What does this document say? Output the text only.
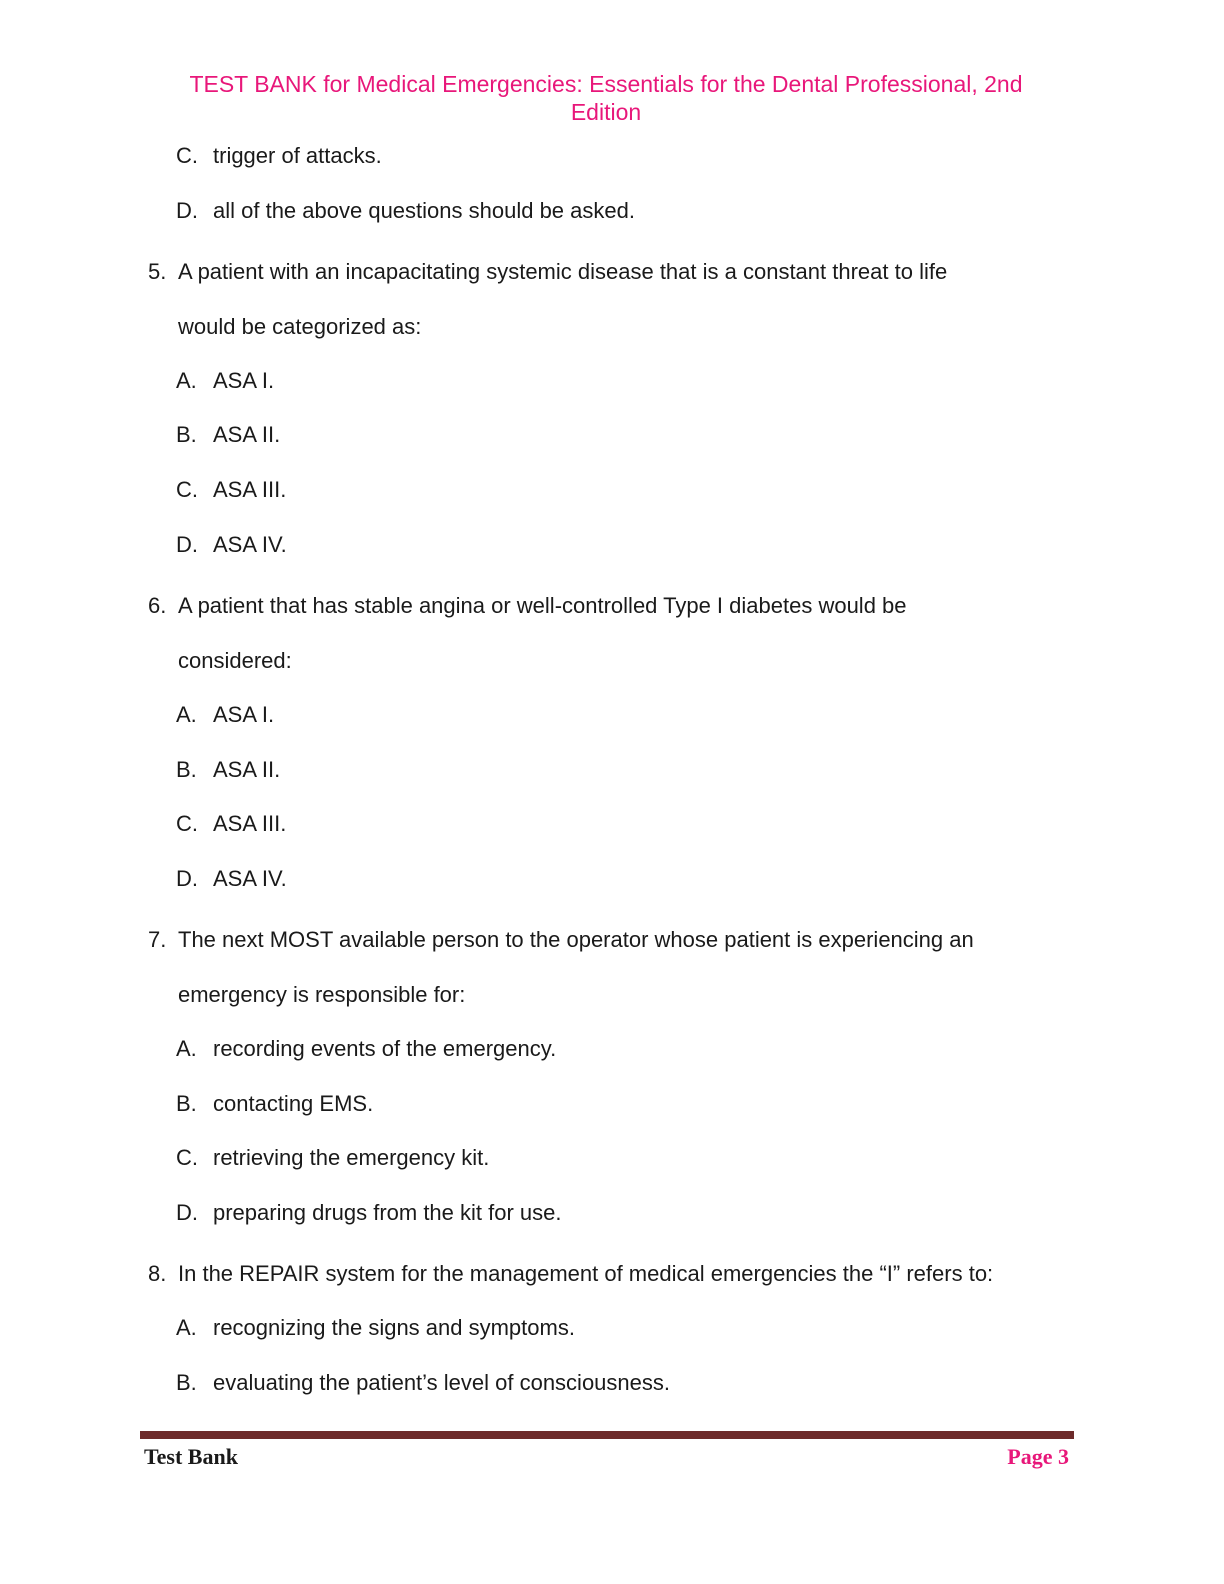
TEST BANK for Medical Emergencies: Essentials for the Dental Professional, 2nd
Edition
C. trigger of attacks.
D. all of the above questions should be asked.
5. A patient with an incapacitating systemic disease that is a constant threat to life
would be categorized as:
A. ASA I.
B. ASA II.
C. ASA III.
D. ASA IV.
6. A patient that has stable angina or well-controlled Type I diabetes would be
considered:
A. ASA I.
B. ASA II.
C. ASA III.
D. ASA IV.
7. The next MOST available person to the operator whose patient is experiencing an
emergency is responsible for:
A. recording events of the emergency.
B. contacting EMS.
C. retrieving the emergency kit.
D. preparing drugs from the kit for use.
8. In the REPAIR system for the management of medical emergencies the “I” refers to:
A. recognizing the signs and symptoms.
B. evaluating the patient’s level of consciousness.
Test Bank	Page 3
